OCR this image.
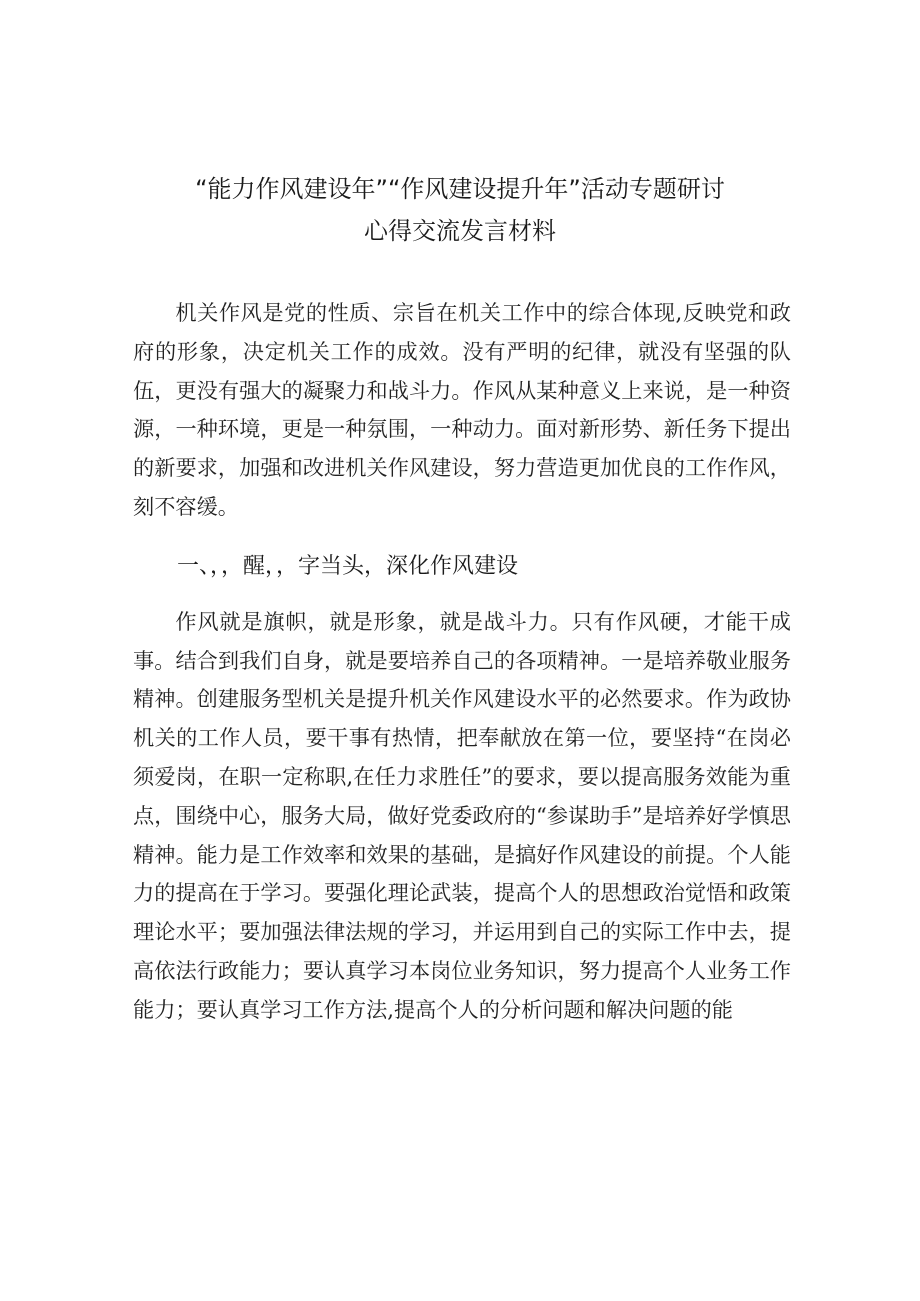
“能力作风建设年”“作风建设提升年”活动专题研讨
心得交流发言材料

机关作风是党的性质、宗旨在机关工作中的综合体现,反映党和政府的形象，决定机关工作的成效。没有严明的纪律，就没有坚强的队伍，更没有强大的凝聚力和战斗力。作风从某种意义上来说，是一种资源，一种环境，更是一种氛围，一种动力。面对新形势、新任务下提出的新要求，加强和改进机关作风建设，努力营造更加优良的工作作风，刻不容缓。

一、，，醒，，字当头，深化作风建设

作风就是旗帜，就是形象，就是战斗力。只有作风硬，才能干成事。结合到我们自身，就是要培养自己的各项精神。一是培养敬业服务精神。创建服务型机关是提升机关作风建设水平的必然要求。作为政协机关的工作人员，要干事有热情，把奉献放在第一位，要坚持“在岗必须爱岗，在职一定称职,在任力求胜任”的要求，要以提高服务效能为重点，围绕中心，服务大局，做好党委政府的“参谋助手”是培养好学慎思精神。能力是工作效率和效果的基础，是搞好作风建设的前提。个人能力的提高在于学习。要强化理论武装，提高个人的思想政治觉悟和政策理论水平；要加强法律法规的学习，并运用到自己的实际工作中去，提高依法行政能力；要认真学习本岗位业务知识，努力提高个人业务工作能力；要认真学习工作方法,提高个人的分析问题和解决问题的能
